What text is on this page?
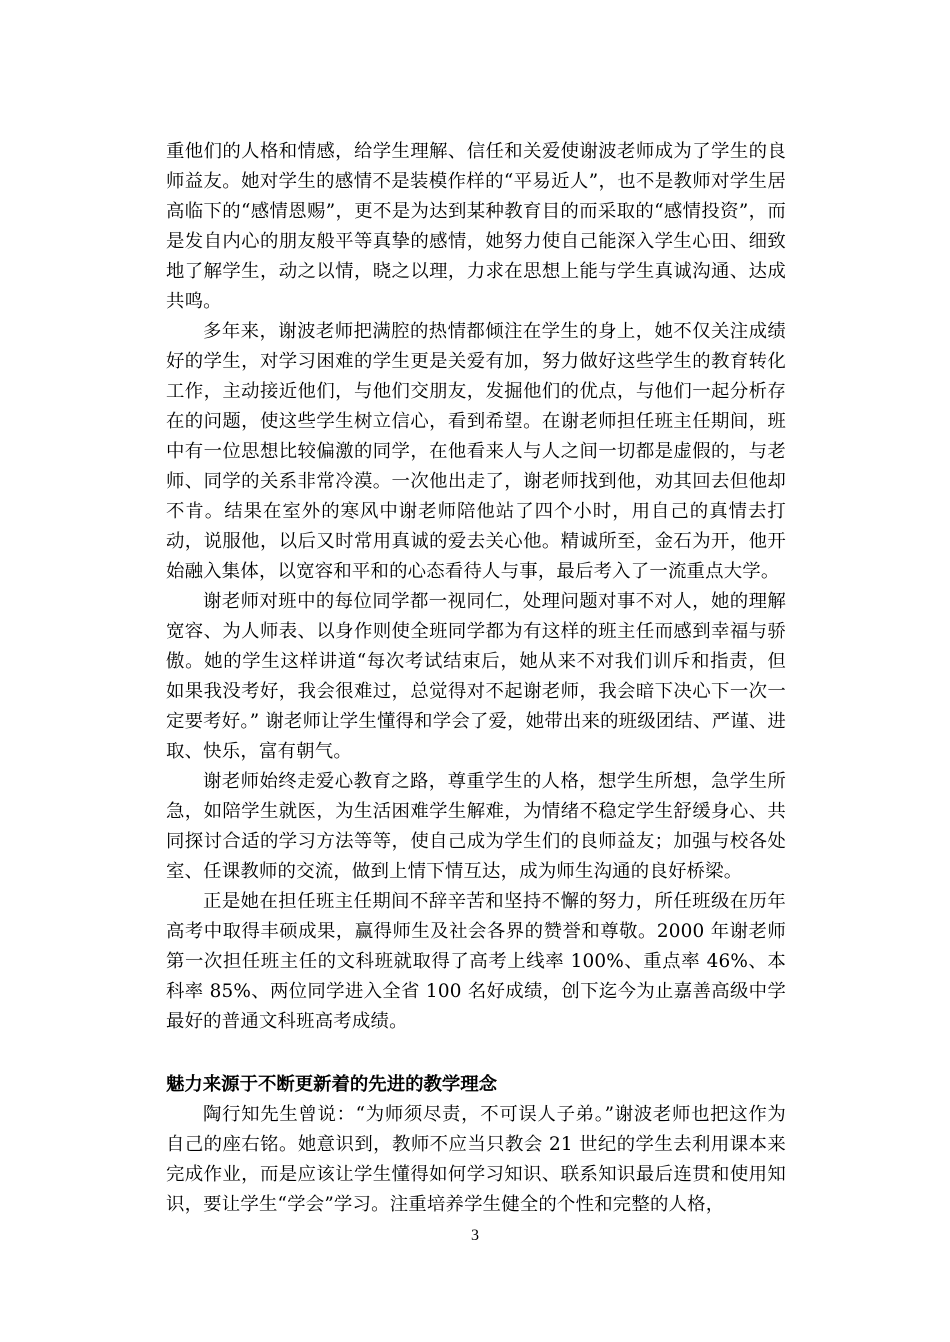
重他们的人格和情感，给学生理解、信任和关爱使谢波老师成为了学生的良师益友。她对学生的感情不是装模作样的“平易近人”，也不是教师对学生居高临下的“感情恩赐”，更不是为达到某种教育目的而采取的“感情投资”，而是发自内心的朋友般平等真挚的感情，她努力使自己能深入学生心田、细致地了解学生，动之以情，晓之以理，力求在思想上能与学生真诚沟通、达成共鸣。

多年来，谢波老师把满腔的热情都倾注在学生的身上，她不仅关注成绩好的学生，对学习困难的学生更是关爱有加，努力做好这些学生的教育转化工作，主动接近他们，与他们交朋友，发掘他们的优点，与他们一起分析存在的问题，使这些学生树立信心，看到希望。在谢老师担任班主任期间，班中有一位思想比较偏激的同学，在他看来人与人之间一切都是虚假的，与老师、同学的关系非常冷漠。一次他出走了，谢老师找到他，劝其回去但他却不肯。结果在室外的寒风中谢老师陪他站了四个小时，用自己的真情去打动，说服他，以后又时常用真诚的爱去关心他。精诚所至，金石为开，他开始融入集体，以宽容和平和的心态看待人与事，最后考入了一流重点大学。

谢老师对班中的每位同学都一视同仁，处理问题对事不对人，她的理解宽容、为人师表、以身作则使全班同学都为有这样的班主任而感到幸福与骄傲。她的学生这样讲道“每次考试结束后，她从来不对我们训斥和指责，但如果我没考好，我会很难过，总觉得对不起谢老师，我会暗下决心下一次一定要考好。” 谢老师让学生懂得和学会了爱，她带出来的班级团结、严谨、进取、快乐，富有朝气。

谢老师始终走爱心教育之路，尊重学生的人格，想学生所想，急学生所急，如陪学生就医，为生活困难学生解难，为情绪不稳定学生舒缓身心、共同探讨合适的学习方法等等，使自己成为学生们的良师益友；加强与校各处室、任课教师的交流，做到上情下情互达，成为师生沟通的良好桥梁。

正是她在担任班主任期间不辞辛苦和坚持不懈的努力，所任班级在历年高考中取得丰硕成果，赢得师生及社会各界的赞誉和尊敬。2000 年谢老师第一次担任班主任的文科班就取得了高考上线率 100%、重点率 46%、本科率 85%、两位同学进入全省 100 名好成绩，创下迄今为止嘉善高级中学最好的普通文科班高考成绩。

魅力来源于不断更新着的先进的教学理念

陶行知先生曾说：“为师须尽责，不可误人子弟。”谢波老师也把这作为自己的座右铭。她意识到，教师不应当只教会 21 世纪的学生去利用课本来完成作业，而是应该让学生懂得如何学习知识、联系知识最后连贯和使用知识，要让学生“学会”学习。注重培养学生健全的个性和完整的人格，

3
